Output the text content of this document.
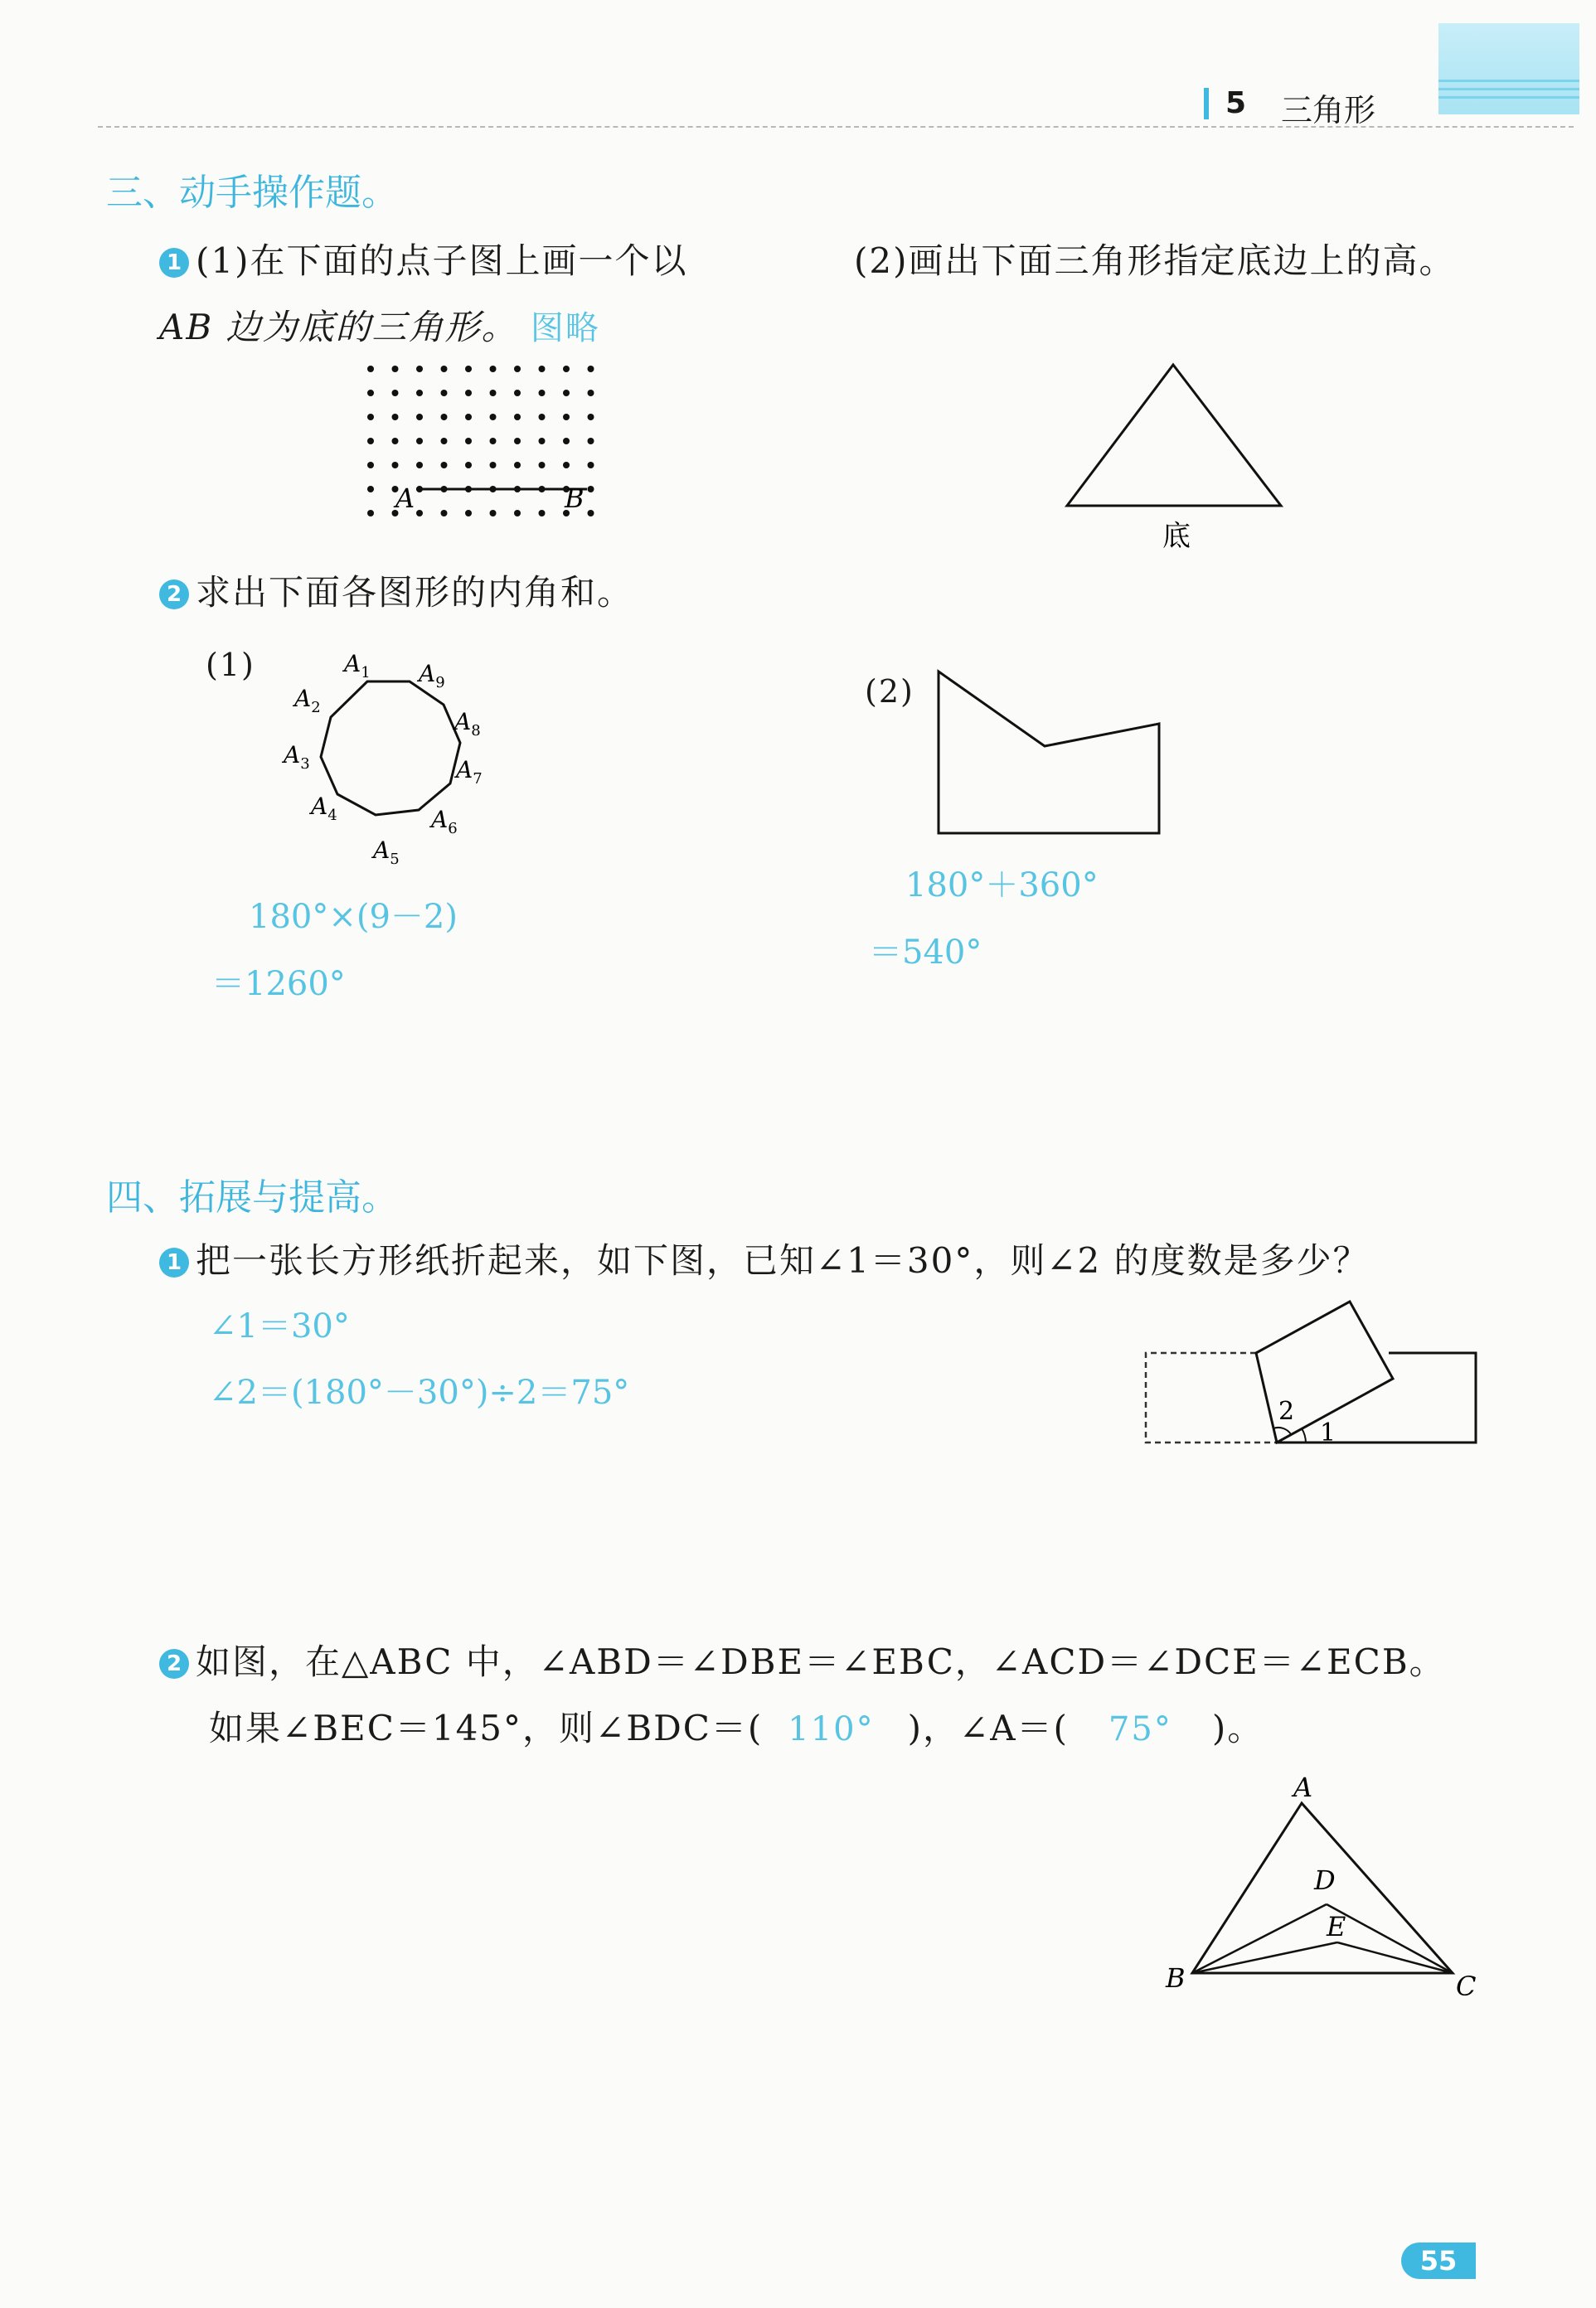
5 三角形
三、动手操作题。
1 (1)在下面的点子图上画一个以
AB 边为底的三角形。 图略
(2)画出下面三角形指定底边上的高。
A	B
底
2 求出下面各图形的内角和。
(1)
(2)
$A_1$
$A_2$
$A_3$
$A_4$
$A_5$
$A_6$
$A_7$
$A_8$
$A_9$
180°×(9－2)
＝1260°
180°＋360°
＝540°
四、拓展与提高。
1 把一张长方形纸折起来，如下图，已知∠1＝30°，则∠2 的度数是多少？
∠1＝30°
∠2＝(180°－30°)÷2＝75°
1
2
2 如图，在△ABC 中，∠ABD＝∠DBE＝∠EBC，∠ACD＝∠DCE＝∠ECB。
如果∠BEC＝145°，则∠BDC＝( 110° )，∠A＝( 75° )。
A
B	C
D
E
55
